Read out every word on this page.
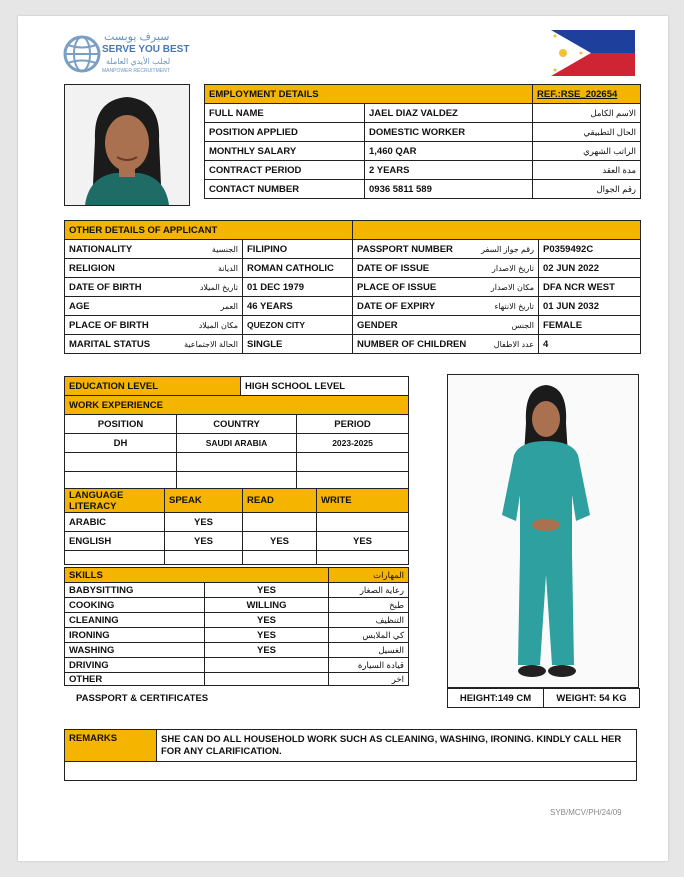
سيرف يوبست
SERVE YOU BEST
لجلب الأيدي العاملة
MANPOWER RECRUITMENT
EMPLOYMENT DETAILS		REF.:RSE_202654
FULL NAME	JAEL DIAZ VALDEZ	الاسم الكامل
POSITION APPLIED	DOMESTIC WORKER	الحال التطبيقي
MONTHLY SALARY	1,460 QAR	الراتب الشهري
CONTRACT PERIOD	2 YEARS	مدة العقد
CONTACT NUMBER	0936 5811 589	رقم الجوال
OTHER DETAILS OF APPLICANT			

NATIONALITY الجنسية	FILIPINO	PASSPORT NUMBER رقم جواز السفر	P0359492C

RELIGION الديانة	ROMAN CATHOLIC	DATE OF ISSUE تاريخ الاصدار	02 JUN 2022

DATE OF BIRTH تاريخ الميلاد	01 DEC 1979	PLACE OF ISSUE مكان الاصدار	DFA NCR WEST

AGE العمر	46 YEARS	DATE OF EXPIRY تاريخ الانتهاء	01 JUN 2032

PLACE OF BIRTH مكان الميلاد	QUEZON CITY	GENDER الجنس	FEMALE

MARITAL STATUS الحالة الاجتماعية	SINGLE	NUMBER OF CHILDREN عدد الاطفال	4
EDUCATION LEVEL	HIGH SCHOOL LEVEL
WORK EXPERIENCE		
POSITION	COUNTRY	PERIOD
DH	SAUDI ARABIA	2023-2025

LANGUAGE LITERACY	SPEAK	READ	WRITE
ARABIC	YES		
ENGLISH	YES	YES	YES

SKILLS		المهارات
BABYSITTING	YES	رعاية الصغار
COOKING	WILLING	طبخ
CLEANING	YES	التنظيف
IRONING	YES	كي الملابس
WASHING	YES	الغسيل
DRIVING		قيادة السيارة
OTHER		اخر
PASSPORT & CERTIFICATES	HEIGHT:149 CM	WEIGHT: 54 KG
REMARKS	SHE CAN DO ALL HOUSEHOLD WORK SUCH AS CLEANING, WASHING, IRONING. KINDLY CALL HER FOR ANY CLARIFICATION.

SYB/MCV/PH/24/09
